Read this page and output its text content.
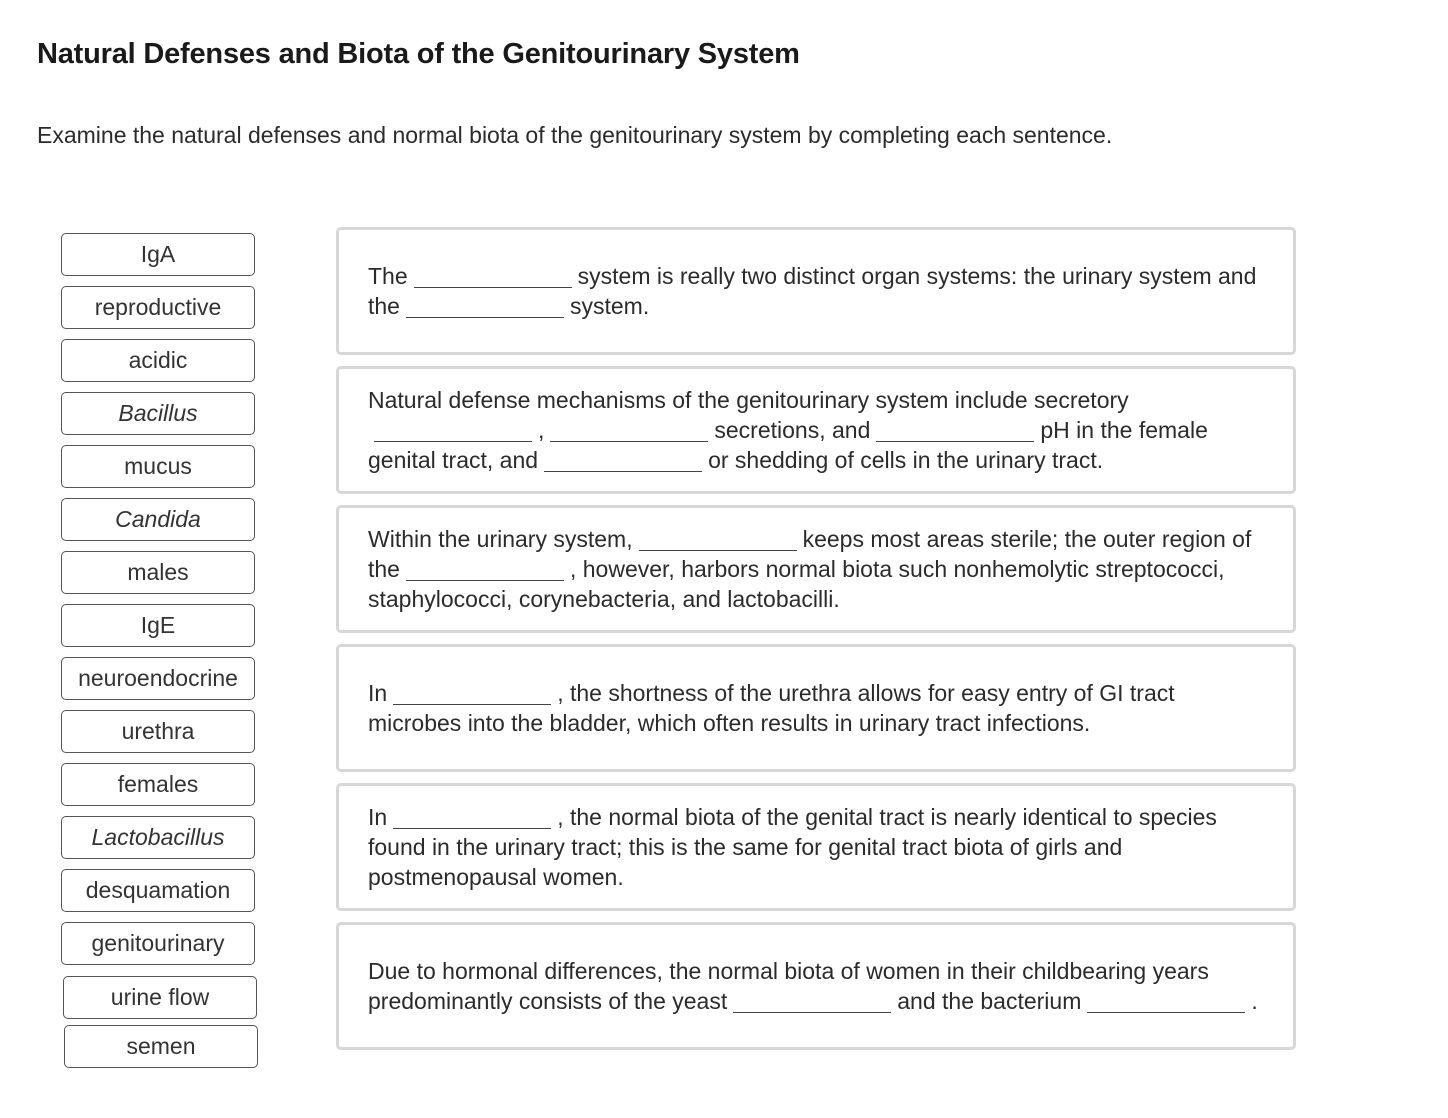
Natural Defenses and Biota of the Genitourinary System

Examine the natural defenses and normal biota of the genitourinary system by completing each sentence.

IgA
reproductive
acidic
Bacillus
mucus
Candida
males
IgE
neuroendocrine
urethra
females
Lactobacillus
desquamation
genitourinary
urine flow
semen

The	system is really two distinct organ systems: the urinary system and the	system.

Natural defense mechanisms of the genitourinary system include secretory ,	secretions, and	pH in the female genital tract, and	or shedding of cells in the urinary tract.

Within the urinary system,	keeps most areas sterile; the outer region of the	, however, harbors normal biota such nonhemolytic streptococci, staphylococci, corynebacteria, and lactobacilli.

In	, the shortness of the urethra allows for easy entry of GI tract microbes into the bladder, which often results in urinary tract infections.

In	, the normal biota of the genital tract is nearly identical to species found in the urinary tract; this is the same for genital tract biota of girls and postmenopausal women.

Due to hormonal differences, the normal biota of women in their childbearing years predominantly consists of the yeast	and the bacterium	.
